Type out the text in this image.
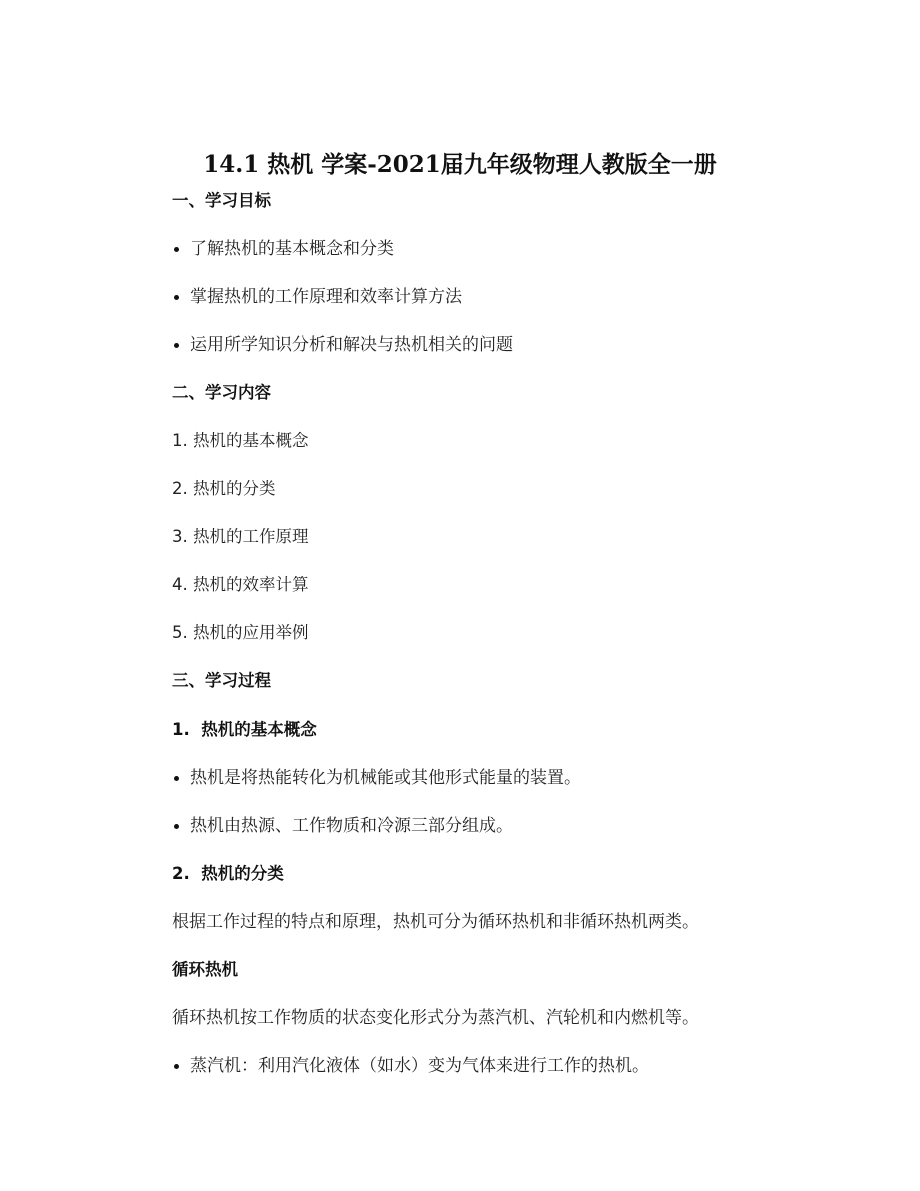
14.1 热机 学案-2021届九年级物理人教版全一册
一、学习目标
了解热机的基本概念和分类
掌握热机的工作原理和效率计算方法
运用所学知识分析和解决与热机相关的问题
二、学习内容
1. 热机的基本概念
2. 热机的分类
3. 热机的工作原理
4. 热机的效率计算
5. 热机的应用举例
三、学习过程
1.  热机的基本概念
热机是将热能转化为机械能或其他形式能量的装置。
热机由热源、工作物质和冷源三部分组成。
2.  热机的分类
根据工作过程的特点和原理，热机可分为循环热机和非循环热机两类。
循环热机
循环热机按工作物质的状态变化形式分为蒸汽机、汽轮机和内燃机等。
蒸汽机：利用汽化液体（如水）变为气体来进行工作的热机。
